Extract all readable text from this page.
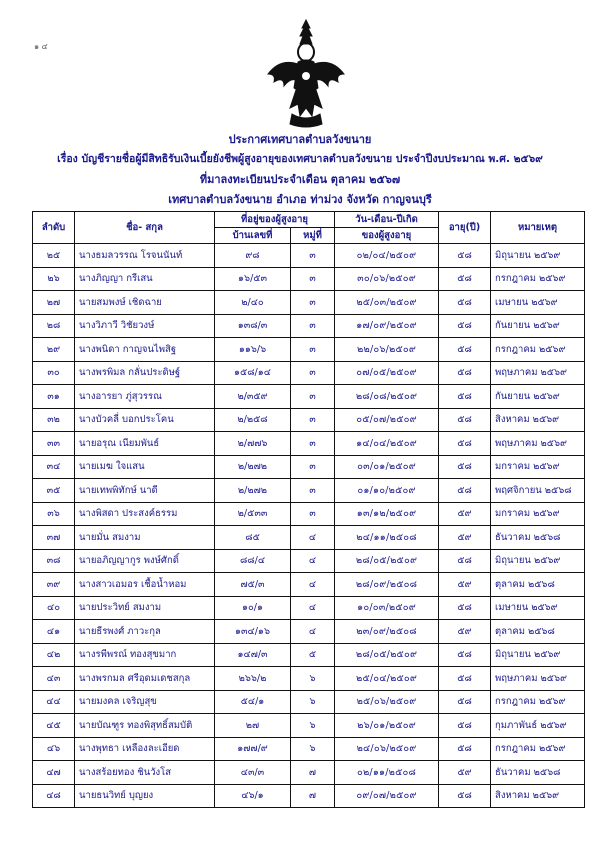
๑ ๔
ประกาศเทศบาลตำบลวังขนาย
เรื่อง บัญชีรายชื่อผู้มีสิทธิรับเงินเบี้ยยังชีพผู้สูงอายุของเทศบาลตำบลวังขนาย ประจำปีงบประมาณ พ.ศ. ๒๕๖๙
ที่มาลงทะเบียนประจำเดือน ตุลาคม ๒๕๖๗
เทศบาลตำบลวังขนาย อำเภอ ท่าม่วง จังหวัด กาญจนบุรี
ลำดับ	ชื่อ- สกุล	ที่อยู่ของผู้สูงอายุ		วัน-เดือน-ปีเกิด	อายุ(ปี)	หมายเหตุ
		บ้านเลขที่	หมู่ที่	ของผู้สูงอายุ		
๒๕	นางธมลวรรณ โรจนนันท์	๙๘	๓	๐๒/๐๔/๒๕๐๙	๕๘	มิถุนายน ๒๕๖๙
๒๖	นางภิญญา กรีเสน	๑๖/๕๓	๓	๓๐/๐๖/๒๕๐๙	๕๘	กรกฎาคม ๒๕๖๙
๒๗	นายสมพงษ์ เชิดฉาย	๒/๔๐	๓	๒๕/๐๓/๒๕๐๙	๕๘	เมษายน ๒๕๖๙
๒๘	นางวิภาวี วิชัยวงษ์	๑๓๘/๓	๓	๑๗/๐๙/๒๕๐๙	๕๘	กันยายน ๒๕๖๙
๒๙	นางพนิดา กาญจนไพสิฐ	๑๑๖/๖	๓	๒๒/๐๖/๒๕๐๙	๕๘	กรกฎาคม ๒๕๖๙
๓๐	นางพรพิมล กลั่นประดิษฐ์	๑๕๘/๑๔	๓	๐๗/๐๕/๒๕๐๙	๕๘	พฤษภาคม ๒๕๖๙
๓๑	นางอารยา ภู่สุวรรณ	๒/๓๕๙	๓	๒๘/๐๘/๒๕๐๙	๕๘	กันยายน ๒๕๖๙
๓๒	นางบัวคลี่ บอกประโคน	๒/๒๕๘	๓	๐๕/๐๗/๒๕๐๙	๕๘	สิงหาคม ๒๕๖๙
๓๓	นายอรุณ เนียมพันธ์	๒/๗๗๖	๓	๑๔/๐๔/๒๕๐๙	๕๘	พฤษภาคม ๒๕๖๙
๓๔	นายเมฆ ใจแสน	๒/๒๗๒	๓	๐๓/๐๑/๒๕๐๙	๕๘	มกราคม ๒๕๖๙
๓๕	นายเทพพิทักษ์ นาดี	๒/๒๗๒	๓	๐๑/๑๐/๒๕๐๙	๕๘	พฤศจิกายน ๒๕๖๘
๓๖	นางพิสดา ประสงค์ธรรม	๒/๕๓๓	๓	๑๓/๑๒/๒๕๐๙	๕๙	มกราคม ๒๕๖๙
๓๗	นายมั่น สมงาม	๘๕	๔	๒๔/๑๑/๒๕๐๘	๕๙	ธันวาคม ๒๕๖๘
๓๘	นายอภิญญากูร พงษ์ศักดิ์	๘๘/๔	๔	๒๘/๐๕/๒๕๐๙	๕๘	มิถุนายน ๒๕๖๙
๓๙	นางสาวเอมอร เชื้อน้ำหอม	๗๕/๓	๔	๒๘/๐๙/๒๕๐๘	๕๙	ตุลาคม ๒๕๖๘
๔๐	นายประวิทย์ สมงาม	๑๐/๑	๔	๑๐/๐๓/๒๕๐๙	๕๘	เมษายน ๒๕๖๙
๔๑	นายธีรพงศ์ ภาวะกุล	๑๓๔/๑๖	๔	๒๓/๐๙/๒๕๐๘	๕๙	ตุลาคม ๒๕๖๘
๔๒	นางรพีพรณ์ ทองสุขมาก	๑๔๗/๓	๕	๒๘/๐๕/๒๕๐๙	๕๘	มิถุนายน ๒๕๖๙
๔๓	นางพรกมล ศรีอุดมเดชสกุล	๒๖๖/๒	๖	๒๕/๐๔/๒๕๐๙	๕๘	พฤษภาคม ๒๕๖๙
๔๔	นายมงคล เจริญสุข	๕๔/๑	๖	๒๕/๐๖/๒๕๐๙	๕๘	กรกฎาคม ๒๕๖๙
๔๕	นายบัณฑูร ทองพิสุทธิ์สมบัติ	๒๗	๖	๒๖/๐๑/๒๕๐๙	๕๘	กุมภาพันธ์ ๒๕๖๙
๔๖	นางพุทธา เหลืองละเอียด	๑๗๗/๙	๖	๒๔/๐๖/๒๕๐๙	๕๘	กรกฎาคม ๒๕๖๙
๔๗	นางสร้อยทอง ชินวังโส	๔๓/๓	๗	๐๒/๑๑/๒๕๐๘	๕๙	ธันวาคม ๒๕๖๘
๔๘	นายธนวิทย์ บุญยง	๔๖/๑	๗	๐๙/๐๗/๒๕๐๙	๕๘	สิงหาคม ๒๕๖๙
